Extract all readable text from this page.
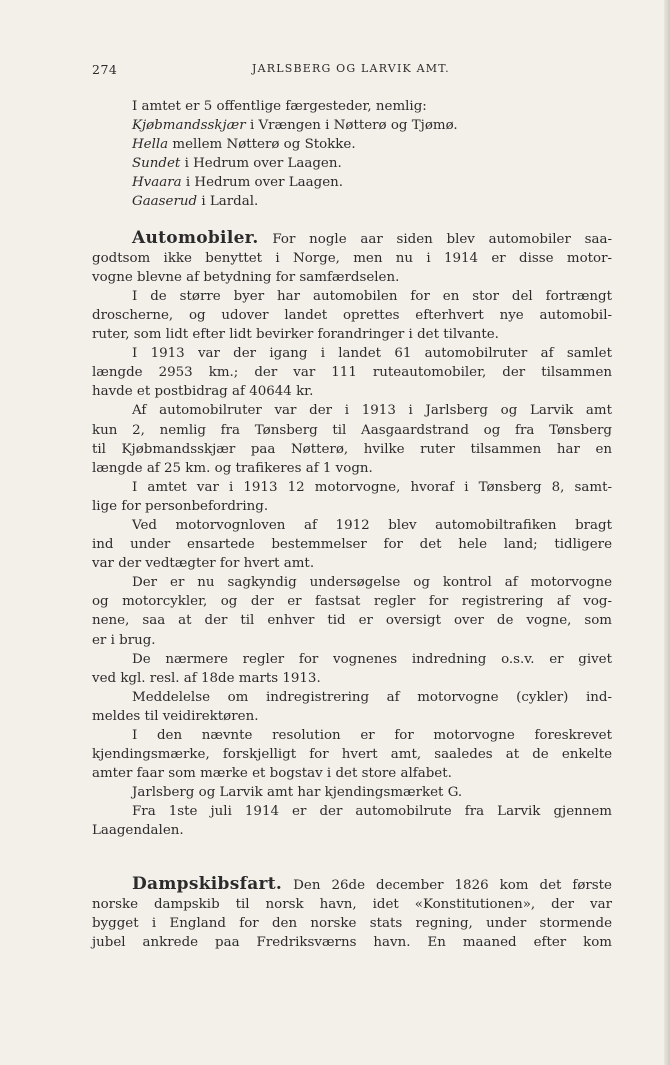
274	JARLSBERG OG LARVIK AMT.
I amtet er 5 offentlige færgesteder, nemlig:
Kjøbmandsskjær i Vrængen i Nøtterø og Tjømø.
Hella mellem Nøtterø og Stokke.
Sundet i Hedrum over Laagen.
Hvaara i Hedrum over Laagen.
Gaaserud i Lardal.
Automobiler. For nogle aar siden blev automobiler saa-
godtsom ikke benyttet i Norge, men nu i 1914 er disse motor-
vogne blevne af betydning for samfærdselen.
I de større byer har automobilen for en stor del fortrængt
droscherne, og udover landet oprettes efterhvert nye automobil-
ruter, som lidt efter lidt bevirker forandringer i det tilvante.
I 1913 var der igang i landet 61 automobilruter af samlet
længde 2953 km.; der var 111 ruteautomobiler, der tilsammen
havde et postbidrag af 40644 kr.
Af automobilruter var der i 1913 i Jarlsberg og Larvik amt
kun 2, nemlig fra Tønsberg til Aasgaardstrand og fra Tønsberg
til Kjøbmandsskjær paa Nøtterø, hvilke ruter tilsammen har en
længde af 25 km. og trafikeres af 1 vogn.
I amtet var i 1913 12 motorvogne, hvoraf i Tønsberg 8, samt-
lige for personbefordring.
Ved motorvognloven af 1912 blev automobiltrafiken bragt
ind under ensartede bestemmelser for det hele land; tidligere
var der vedtægter for hvert amt.
Der er nu sagkyndig undersøgelse og kontrol af motorvogne
og motorcykler, og der er fastsat regler for registrering af vog-
nene, saa at der til enhver tid er oversigt over de vogne, som
er i brug.
De nærmere regler for vognenes indredning o.s.v. er givet
ved kgl. resl. af 18de marts 1913.
Meddelelse om indregistrering af motorvogne (cykler) ind-
meldes til veidirektøren.
I den nævnte resolution er for motorvogne foreskrevet
kjendingsmærke, forskjelligt for hvert amt, saaledes at de enkelte
amter faar som mærke et bogstav i det store alfabet.
Jarlsberg og Larvik amt har kjendingsmærket G.
Fra 1ste juli 1914 er der automobilrute fra Larvik gjennem
Laagendalen.
Dampskibsfart. Den 26de december 1826 kom det første
norske dampskib til norsk havn, idet «Konstitutionen», der var
bygget i England for den norske stats regning, under stormende
jubel ankrede paa Fredriksværns havn. En maaned efter kom
